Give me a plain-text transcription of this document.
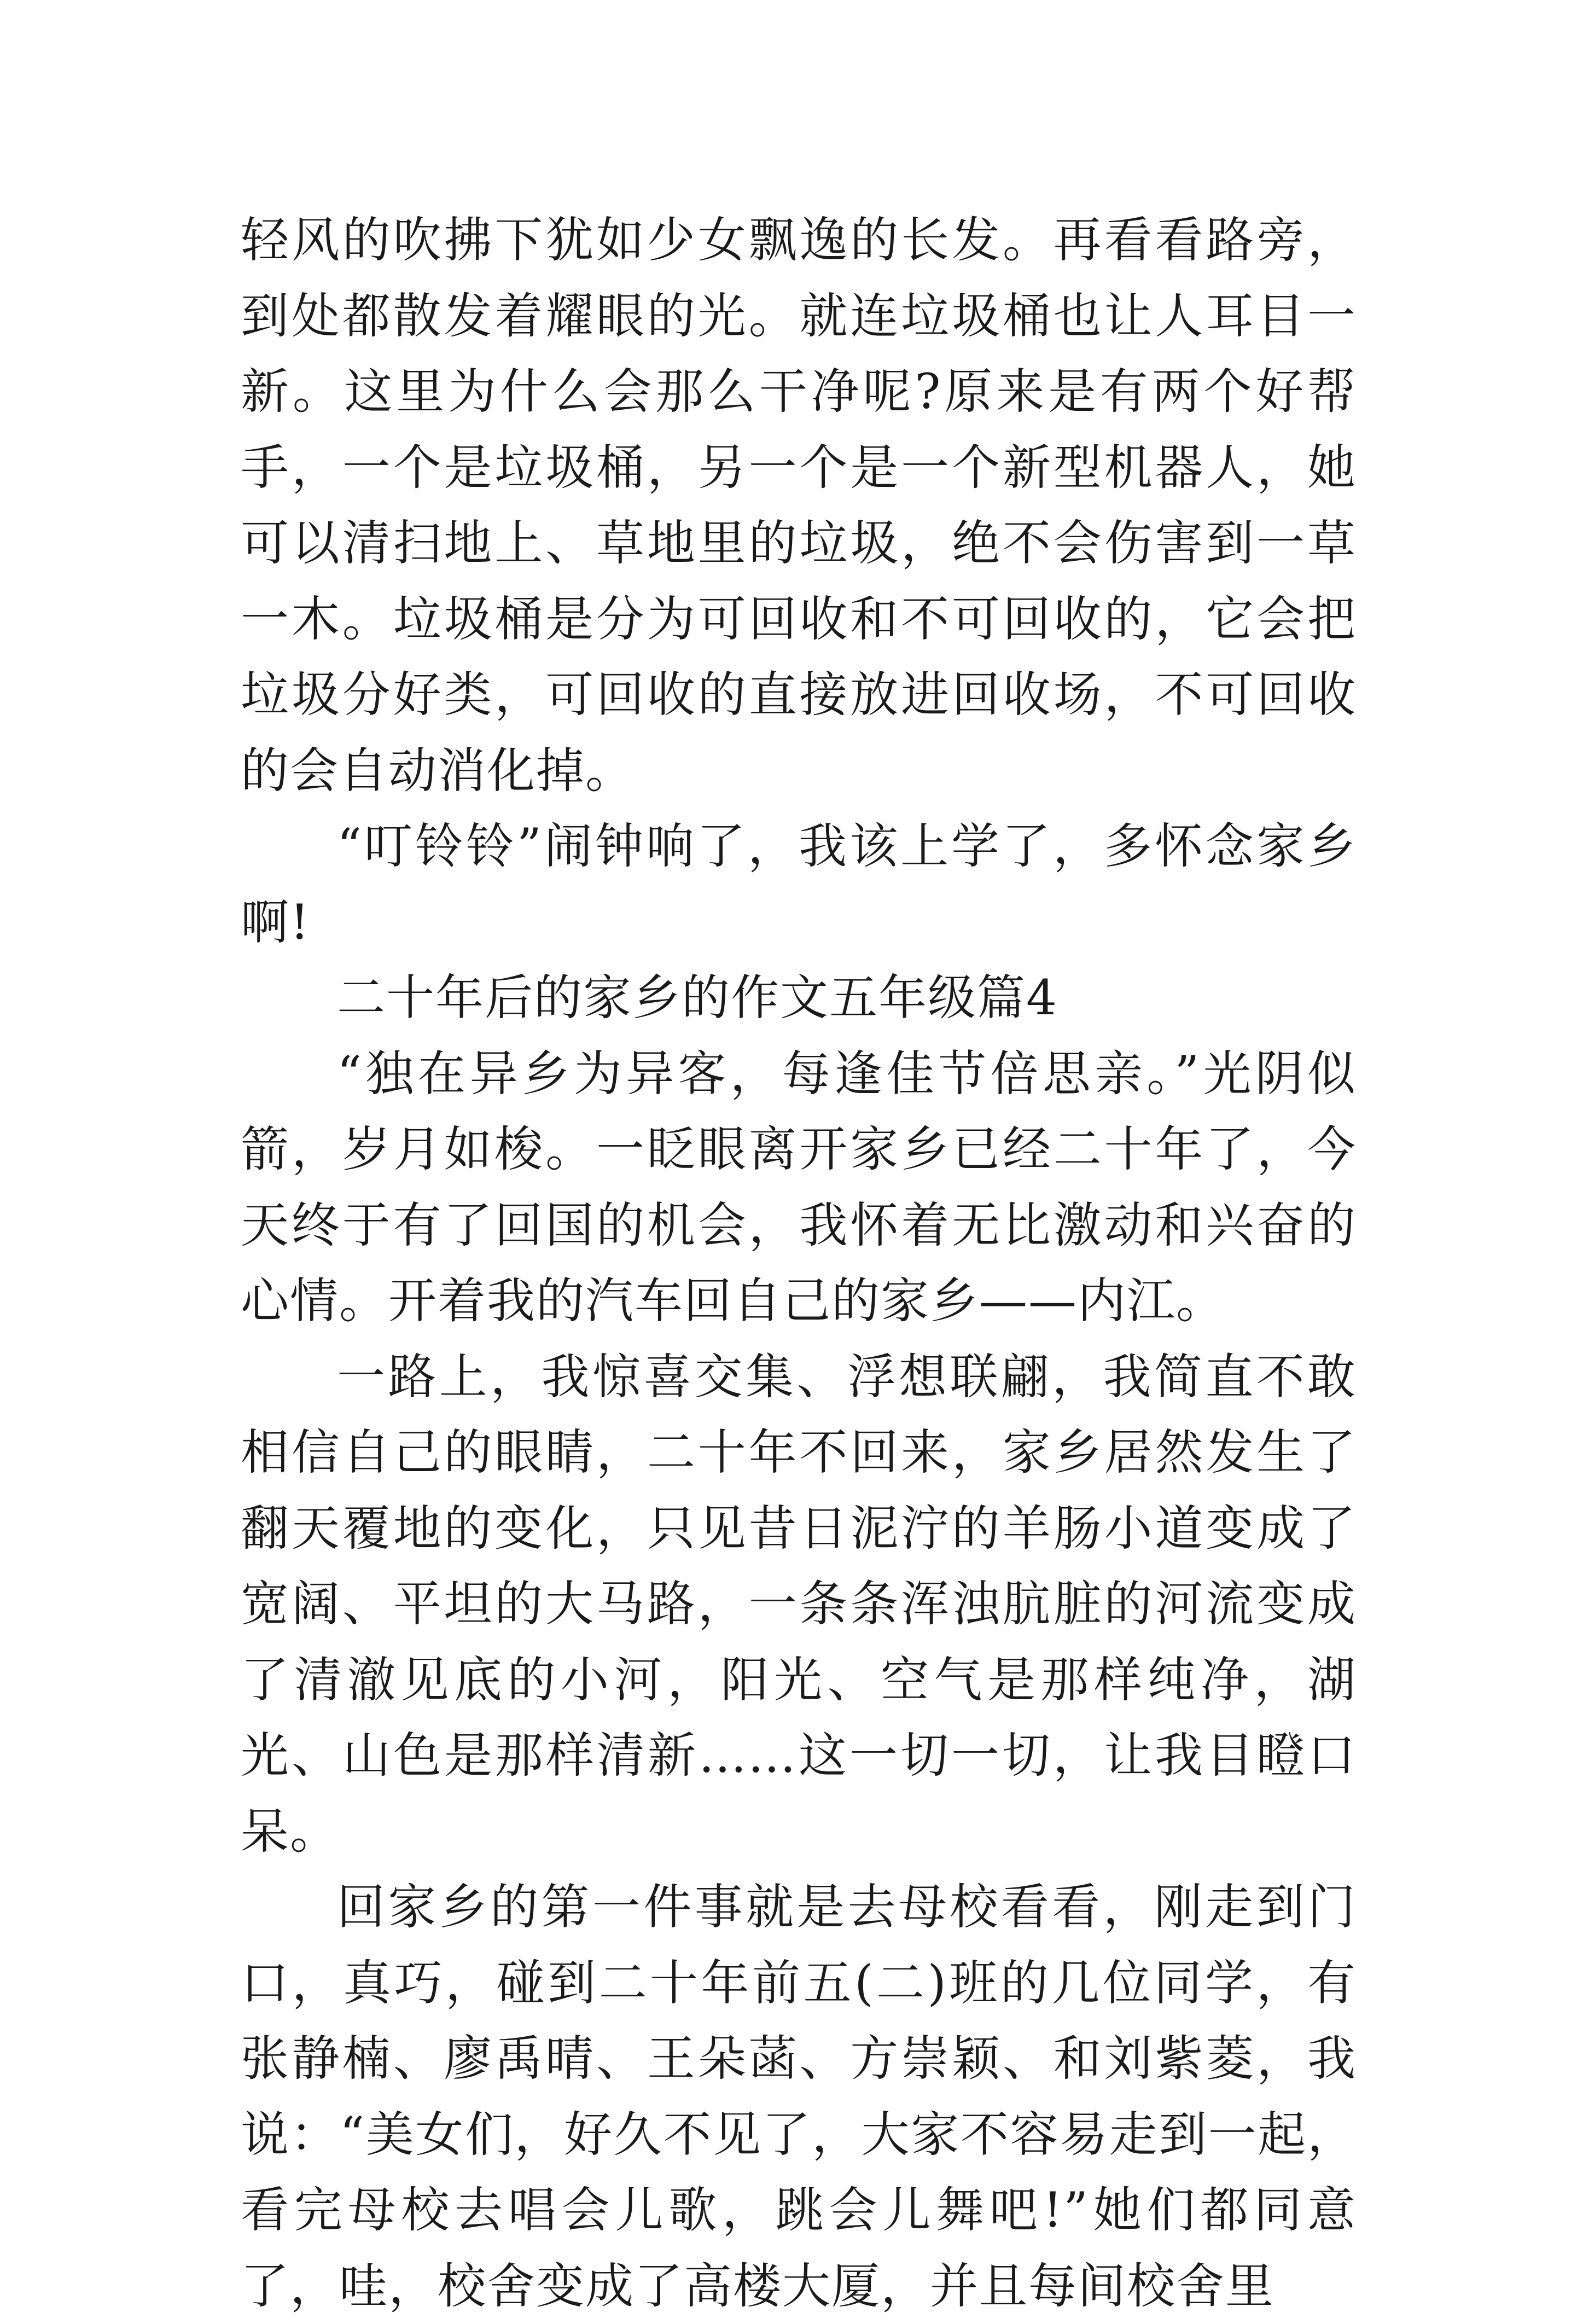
轻风的吹拂下犹如少女飘逸的长发。再看看路旁，到处都散发着耀眼的光。就连垃圾桶也让人耳目一新。这里为什么会那么干净呢?原来是有两个好帮手，一个是垃圾桶，另一个是一个新型机器人，她可以清扫地上、草地里的垃圾，绝不会伤害到一草一木。垃圾桶是分为可回收和不可回收的，它会把垃圾分好类，可回收的直接放进回收场，不可回收的会自动消化掉。

“叮铃铃”闹钟响了，我该上学了，多怀念家乡啊!

二十年后的家乡的作文五年级篇4

“独在异乡为异客，每逢佳节倍思亲。”光阴似箭，岁月如梭。一眨眼离开家乡已经二十年了，今天终于有了回国的机会，我怀着无比激动和兴奋的心情。开着我的汽车回自己的家乡——内江。

一路上，我惊喜交集、浮想联翩，我简直不敢相信自己的眼睛，二十年不回来，家乡居然发生了翻天覆地的变化，只见昔日泥泞的羊肠小道变成了宽阔、平坦的大马路，一条条浑浊肮脏的河流变成了清澈见底的小河，阳光、空气是那样纯净，湖光、山色是那样清新……这一切一切，让我目瞪口呆。

回家乡的第一件事就是去母校看看，刚走到门口，真巧，碰到二十年前五(二)班的几位同学，有张静楠、廖禹晴、王朵菡、方崇颖、和刘紫菱，我说：“美女们，好久不见了，大家不容易走到一起，看完母校去唱会儿歌，跳会儿舞吧!”她们都同意了，哇，校舍变成了高楼大厦，并且每间校舍里
